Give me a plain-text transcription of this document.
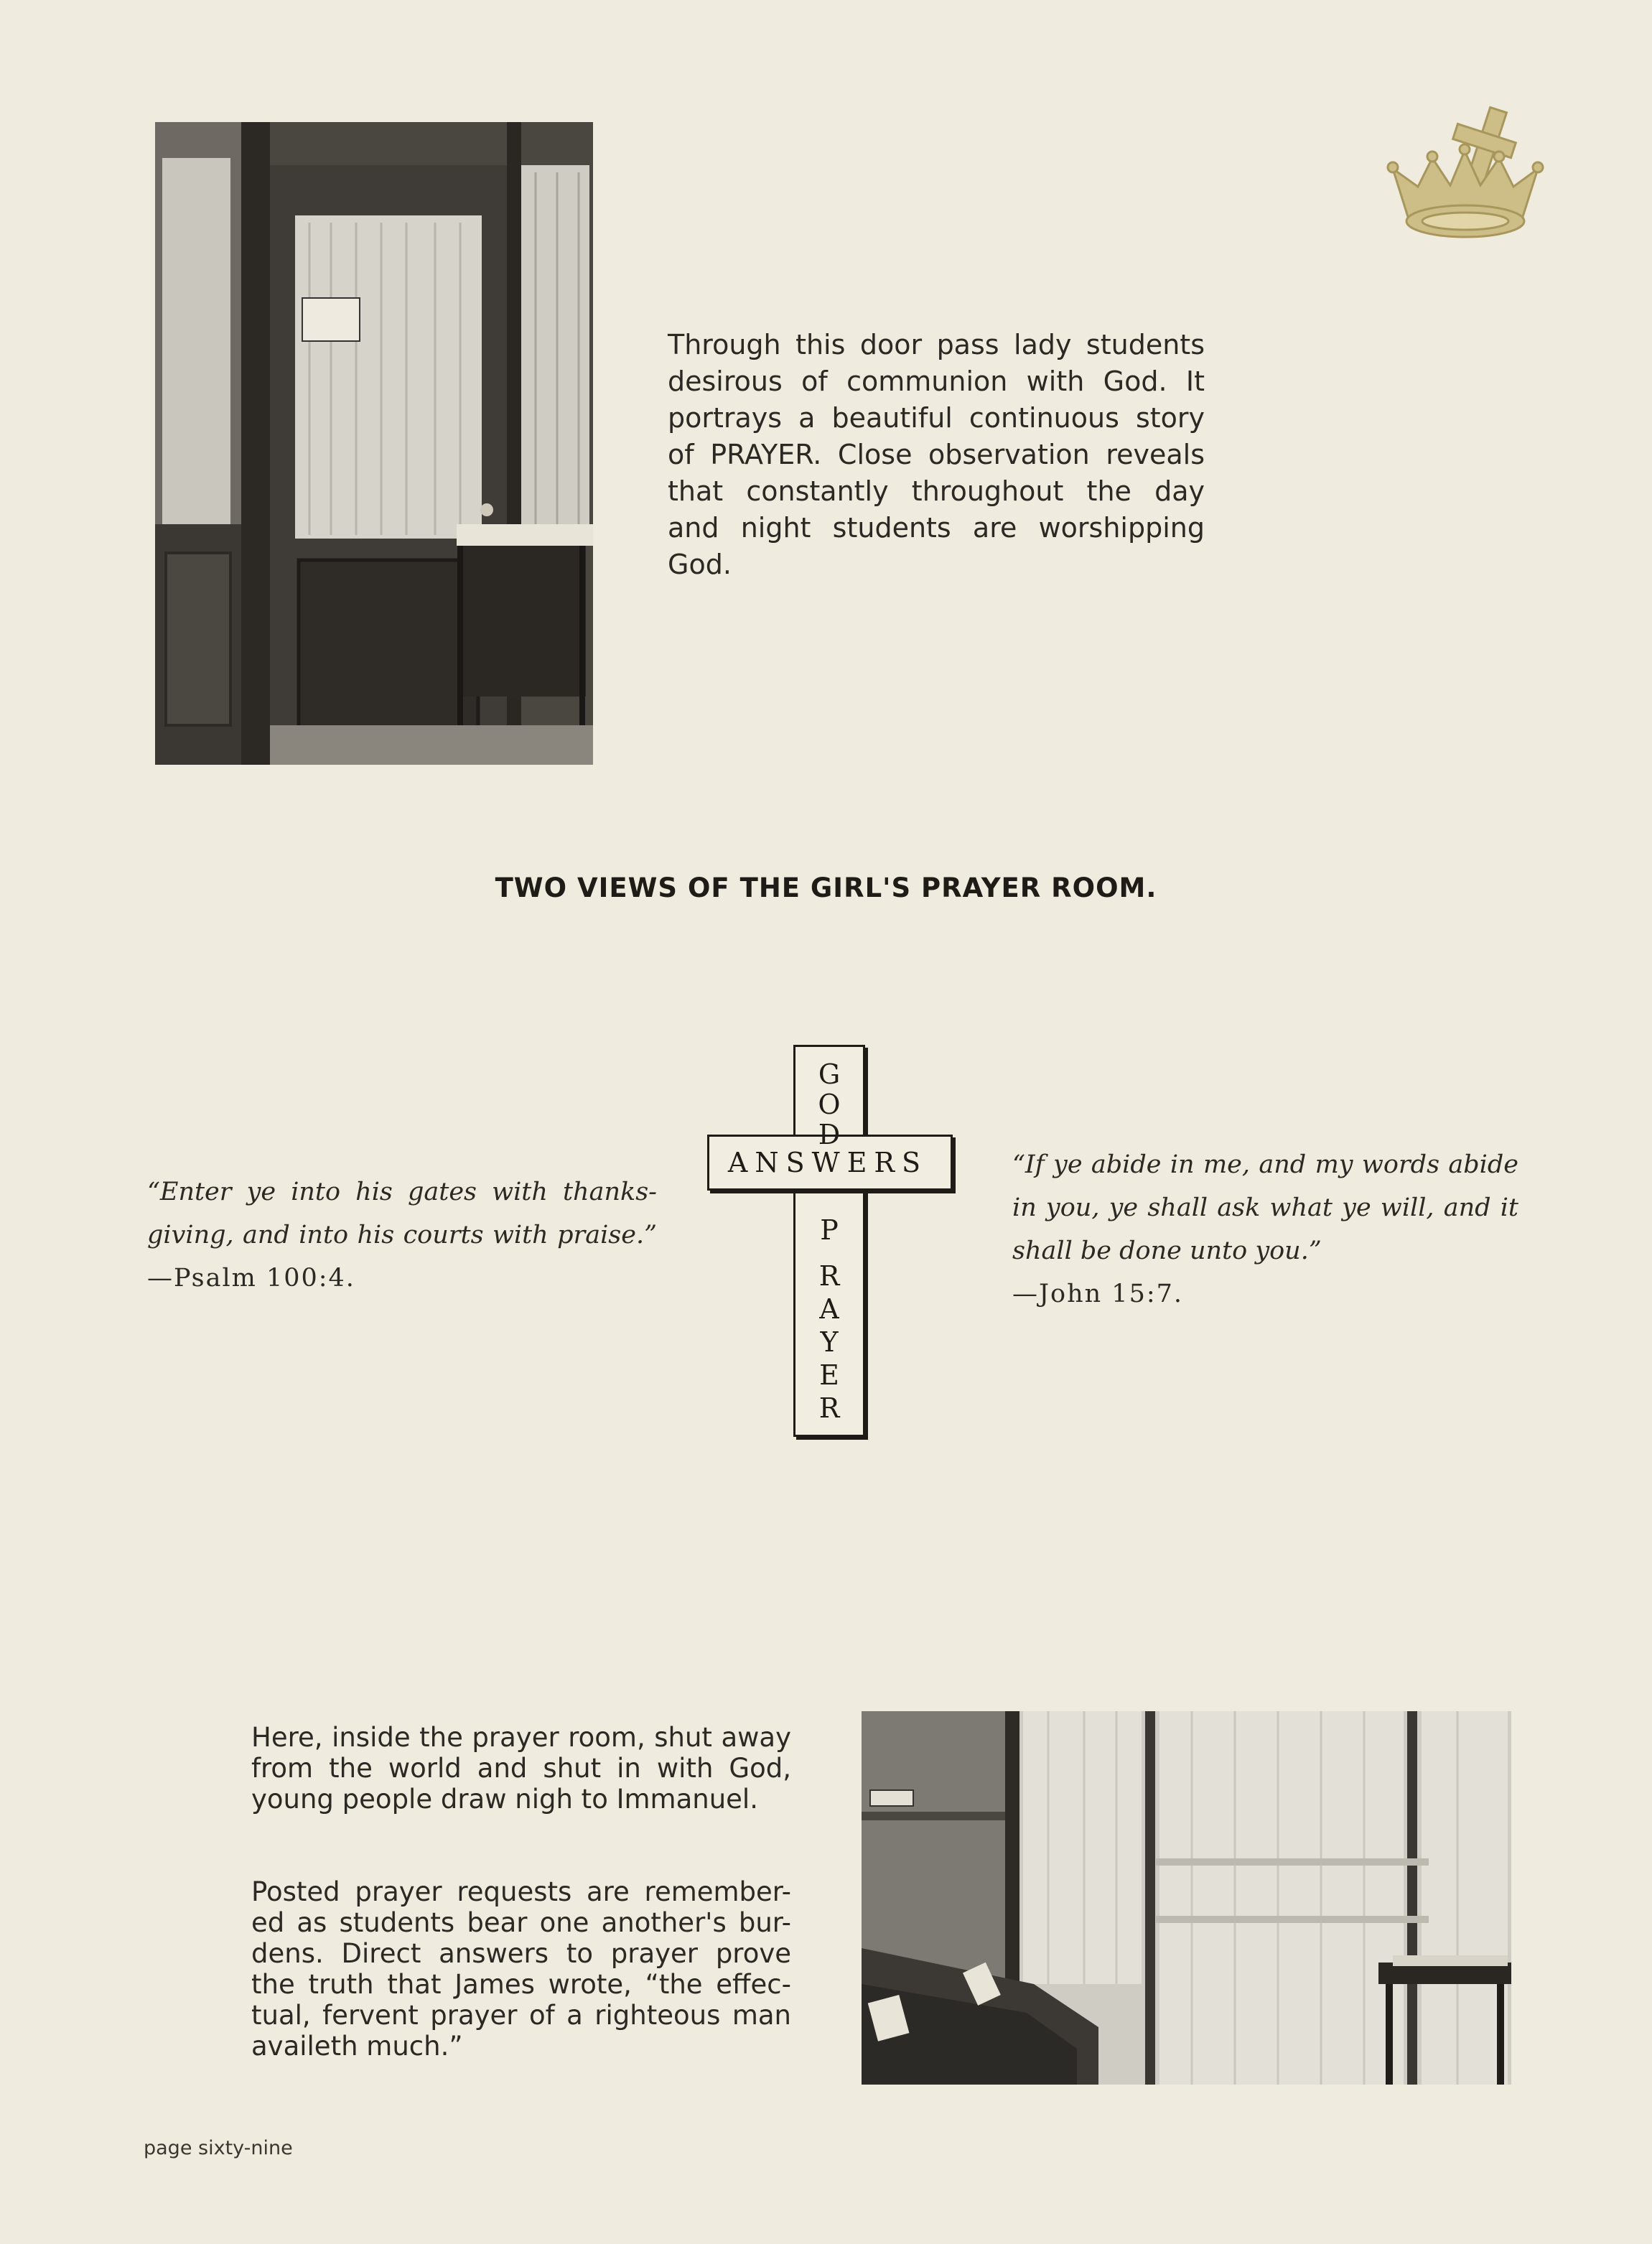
Through this door pass lady students desirous of communion with God. It portrays a beautiful continuous story of PRAYER. Close observation reveals that constantly throughout the day and night students are worshipping God.
TWO VIEWS OF THE GIRL'S PRAYER ROOM.
“Enter ye into his gates with thanks-giving, and into his courts with praise.” —Psalm 100:4.
G
O
D
ANSWERS
P
R
A
Y
E
R
“If ye abide in me, and my words abide in you, ye shall ask what ye will, and it shall be done unto you.”
—John 15:7.
Here, inside the prayer room, shut away from the world and shut in with God, young people draw nigh to Immanuel.
Posted prayer requests are remember-ed as students bear one another's bur-dens. Direct answers to prayer prove the truth that James wrote, “the effec-tual, fervent prayer of a righteous man availeth much.”
page sixty-nine
